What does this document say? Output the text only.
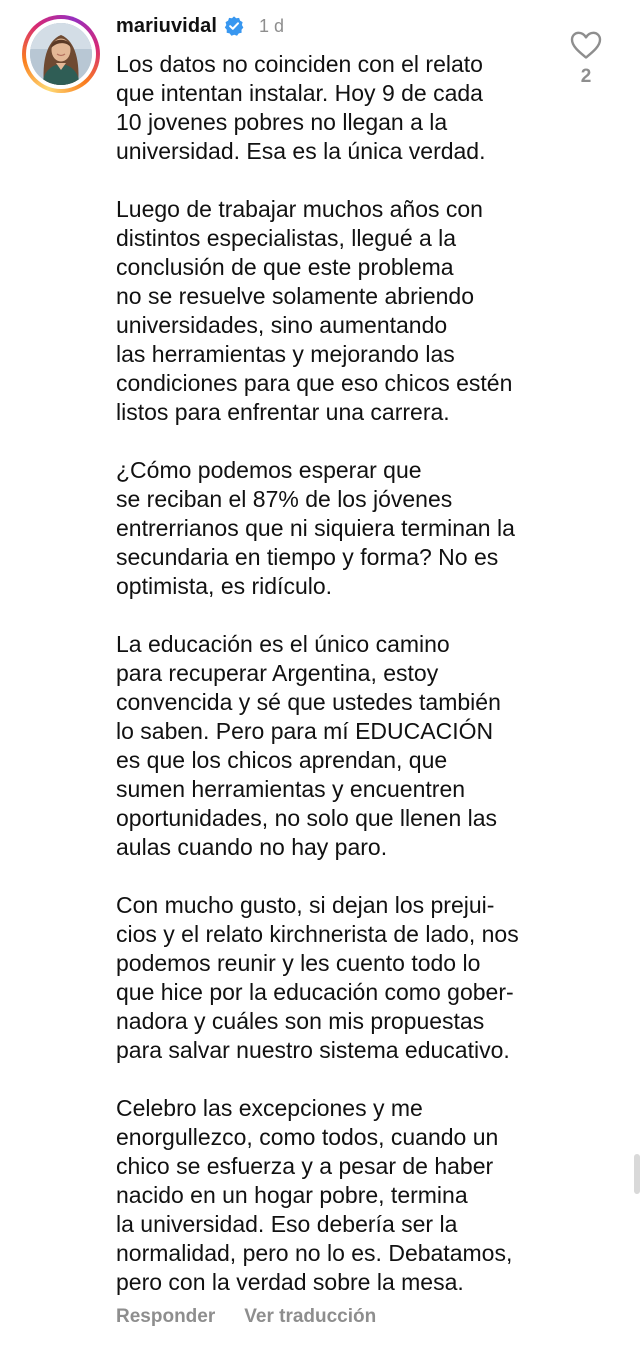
mariuvidal 1 d
Los datos no coinciden con el relato
que intentan instalar. Hoy 9 de cada
10 jovenes pobres no llegan a la
universidad. Esa es la única verdad.
Luego de trabajar muchos años con
distintos especialistas, llegué a la
conclusión de que este problema
no se resuelve solamente abriendo
universidades, sino aumentando
las herramientas y mejorando las
condiciones para que eso chicos estén
listos para enfrentar una carrera.
¿Cómo podemos esperar que
se reciban el 87% de los jóvenes
entrerrianos que ni siquiera terminan la
secundaria en tiempo y forma? No es
optimista, es ridículo.
La educación es el único camino
para recuperar Argentina, estoy
convencida y sé que ustedes también
lo saben. Pero para mí EDUCACIÓN
es que los chicos aprendan, que
sumen herramientas y encuentren
oportunidades, no solo que llenen las
aulas cuando no hay paro.
Con mucho gusto, si dejan los prejui-
cios y el relato kirchnerista de lado, nos
podemos reunir y les cuento todo lo
que hice por la educación como gober-
nadora y cuáles son mis propuestas
para salvar nuestro sistema educativo.
Celebro las excepciones y me
enorgullezco, como todos, cuando un
chico se esfuerza y a pesar de haber
nacido en un hogar pobre, termina
la universidad. Eso debería ser la
normalidad, pero no lo es. Debatamos,
pero con la verdad sobre la mesa.
Responder Ver traducción
2
